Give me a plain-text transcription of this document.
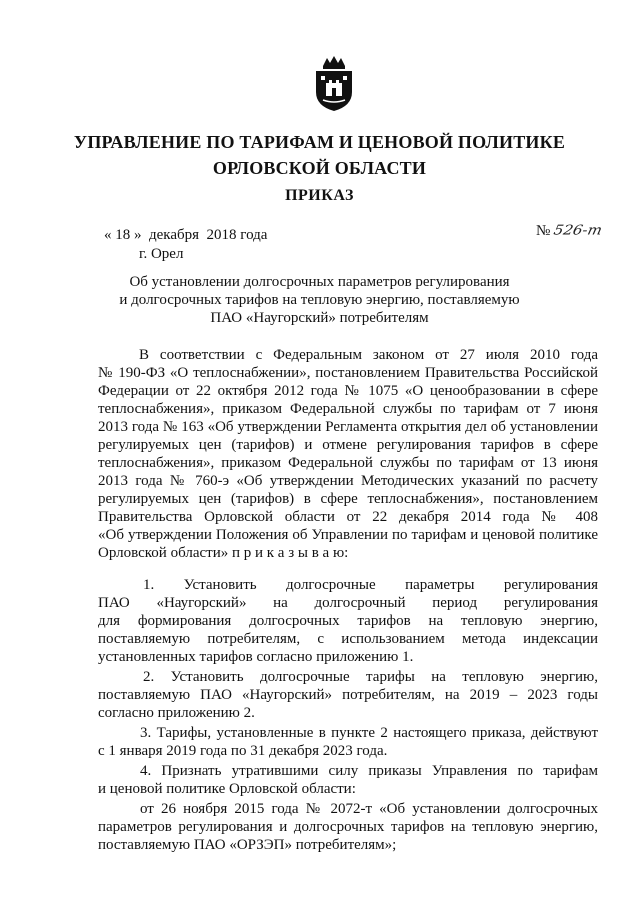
УПРАВЛЕНИЕ ПО ТАРИФАМ И ЦЕНОВОЙ ПОЛИТИКЕ
ОРЛОВСКОЙ ОБЛАСТИ
ПРИКАЗ
« 18 »  декабря  2018 года
г. Орел
№ 526-т
Об установлении долгосрочных параметров регулирования
и долгосрочных тарифов на тепловую энергию, поставляемую
ПАО «Наугорский» потребителям
В соответствии с Федеральным законом от 27 июля 2010 года
№ 190-ФЗ «О теплоснабжении», постановлением Правительства Российской
Федерации от 22 октября 2012 года № 1075 «О ценообразовании в сфере
теплоснабжения», приказом Федеральной службы по тарифам от 7 июня
2013 года № 163 «Об утверждении Регламента открытия дел об установлении
регулируемых цен (тарифов) и отмене регулирования тарифов в сфере
теплоснабжения», приказом Федеральной службы по тарифам от 13 июня
2013 года № 760-э «Об утверждении Методических указаний по расчету
регулируемых цен (тарифов) в сфере теплоснабжения», постановлением
Правительства Орловской области от 22 декабря 2014 года № 408
«Об утверждении Положения об Управлении по тарифам и ценовой политике
Орловской области» п р и к а з ы в а ю:
1. Установить долгосрочные параметры регулирования
ПАО «Наугорский» на долгосрочный период регулирования
для формирования долгосрочных тарифов на тепловую энергию,
поставляемую потребителям, с использованием метода индексации
установленных тарифов согласно приложению 1.
2. Установить долгосрочные тарифы на тепловую энергию,
поставляемую ПАО «Наугорский» потребителям, на 2019 – 2023 годы
согласно приложению 2.
3. Тарифы, установленные в пункте 2 настоящего приказа, действуют
с 1 января 2019 года по 31 декабря 2023 года.
4. Признать утратившими силу приказы Управления по тарифам
и ценовой политике Орловской области:
от 26 ноября 2015 года № 2072-т «Об установлении долгосрочных
параметров регулирования и долгосрочных тарифов на тепловую энергию,
поставляемую ПАО «ОРЗЭП» потребителям»;
